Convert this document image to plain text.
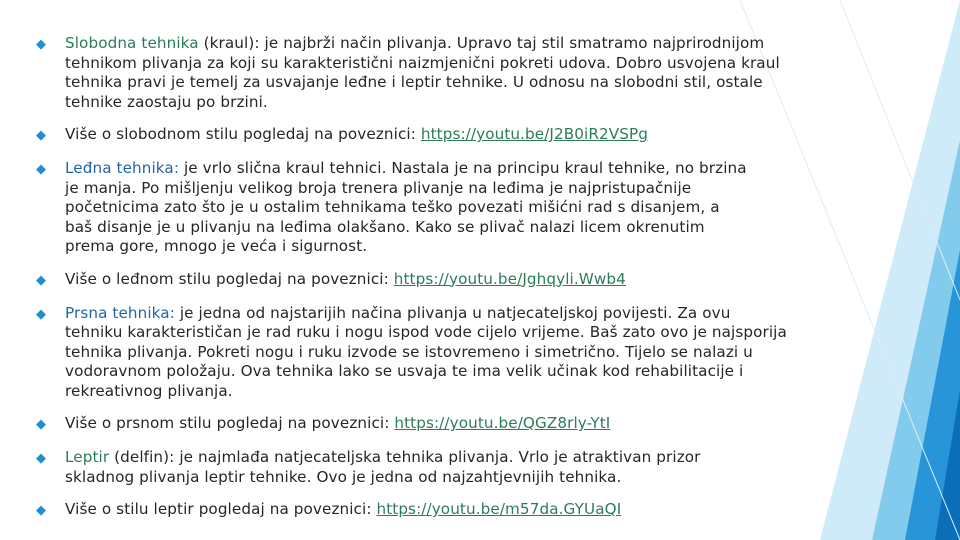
◆	Slobodna tehnika (kraul): je najbrži način plivanja. Upravo taj stil smatramo najprirodnijom tehnikom plivanja za koji su karakteristični naizmjenični pokreti udova. Dobro usvojena kraul tehnika pravi je temelj za usvajanje leđne i leptir tehnike. U odnosu na slobodni stil, ostale tehnike zaostaju po brzini.

◆	Više o slobodnom stilu pogledaj na poveznici: https://youtu.be/J2B0iR2VSPg

◆	Leđna tehnika: je vrlo slična kraul tehnici. Nastala je na principu kraul tehnike, no brzina je manja. Po mišljenju velikog broja trenera plivanje na leđima je najpristupačnije početnicima zato što je u ostalim tehnikama teško povezati mišićni rad s disanjem, a baš disanje je u plivanju na leđima olakšano. Kako se plivač nalazi licem okrenutim prema gore, mnogo je veća i sigurnost.

◆	Više o leđnom stilu pogledaj na poveznici: https://youtu.be/Jghqyli.Wwb4

◆	Prsna tehnika: je jedna od najstarijih načina plivanja u natjecateljskoj povijesti. Za ovu tehniku karakterističan je rad ruku i nogu ispod vode cijelo vrijeme. Baš zato ovo je najsporija tehnika plivanja. Pokreti nogu i ruku izvode se istovremeno i simetrično. Tijelo se nalazi u vodoravnom položaju. Ova tehnika lako se usvaja te ima velik učinak kod rehabilitacije i rekreativnog plivanja.

◆	Više o prsnom stilu pogledaj na poveznici: https://youtu.be/QGZ8rly-YtI

◆	Leptir (delfin): je najmlađa natjecateljska tehnika plivanja. Vrlo je atraktivan prizor skladnog plivanja leptir tehnike. Ovo je jedna od najzahtjevnijih tehnika.

◆	Više o stilu leptir pogledaj na poveznici: https://youtu.be/m57da.GYUaQI
